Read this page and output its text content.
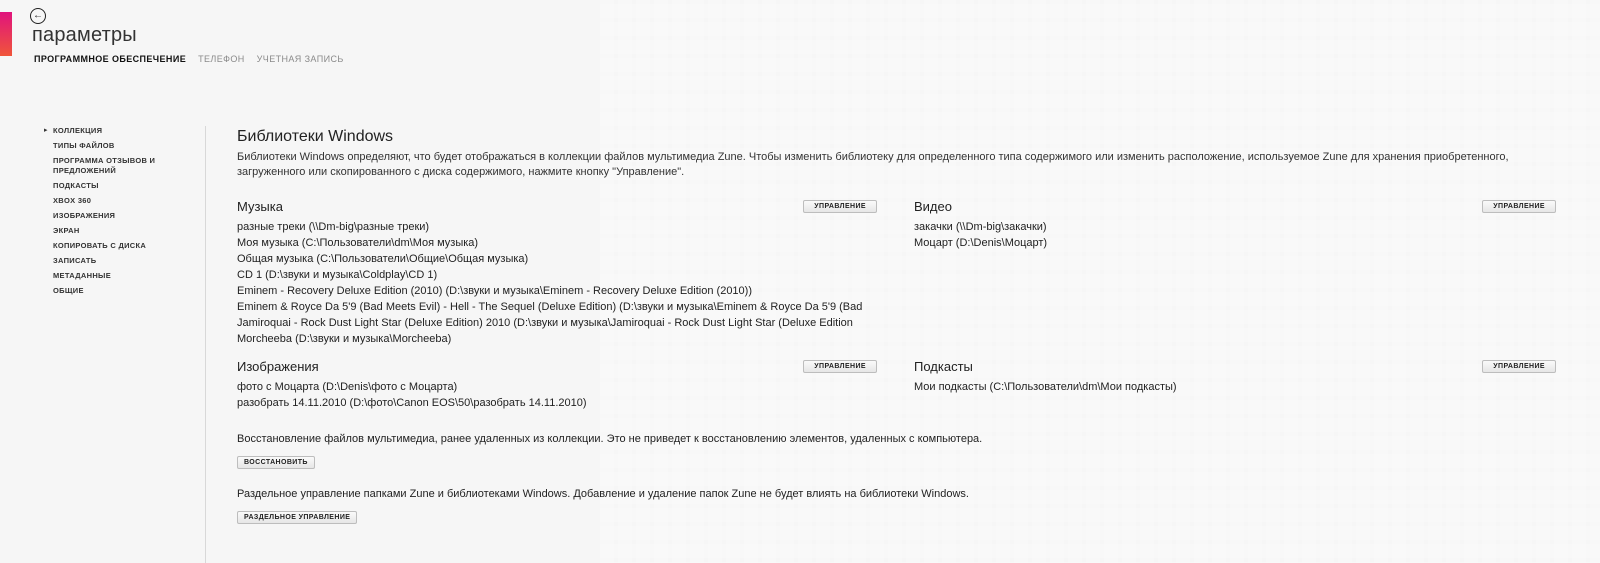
←
параметры
ПРОГРАММНОЕ ОБЕСПЕЧЕНИЕ ТЕЛЕФОН УЧЕТНАЯ ЗАПИСЬ
▸ КОЛЛЕКЦИЯ
ТИПЫ ФАЙЛОВ
ПРОГРАММА ОТЗЫВОВ И ПРЕДЛОЖЕНИЙ
ПОДКАСТЫ
XBOX 360
ИЗОБРАЖЕНИЯ
ЭКРАН
КОПИРОВАТЬ С ДИСКА
ЗАПИСАТЬ
МЕТАДАННЫЕ
ОБЩИЕ
Библиотеки Windows
Библиотеки Windows определяют, что будет отображаться в коллекции файлов мультимедиа Zune. Чтобы изменить библиотеку для определенного типа содержимого или изменить расположение, используемое Zune для хранения приобретенного, загруженного или скопированного с диска содержимого, нажмите кнопку "Управление".
Музыка	УПРАВЛЕНИЕ
разные треки (\\Dm-big\разные треки)
Моя музыка (C:\Пользователи\dm\Моя музыка)
Общая музыка (C:\Пользователи\Общие\Общая музыка)
CD 1 (D:\звуки и музыка\Coldplay\CD 1)
Eminem - Recovery Deluxe Edition (2010) (D:\звуки и музыка\Eminem - Recovery Deluxe Edition (2010))
Eminem & Royce Da 5'9 (Bad Meets Evil) - Hell - The Sequel (Deluxe Edition) (D:\звуки и музыка\Eminem & Royce Da 5'9 (Bad
Jamiroquai - Rock Dust Light Star (Deluxe Edition) 2010 (D:\звуки и музыка\Jamiroquai - Rock Dust Light Star (Deluxe Edition
Morcheeba (D:\звуки и музыка\Morcheeba)
Видео	УПРАВЛЕНИЕ
закачки (\\Dm-big\закачки)
Моцарт (D:\Denis\Моцарт)
Изображения	УПРАВЛЕНИЕ
фото с Моцарта (D:\Denis\фото с Моцарта)
разобрать 14.11.2010 (D:\фото\Canon EOS\50\разобрать 14.11.2010)
Подкасты	УПРАВЛЕНИЕ
Мои подкасты (C:\Пользователи\dm\Мои подкасты)
Восстановление файлов мультимедиа, ранее удаленных из коллекции. Это не приведет к восстановлению элементов, удаленных с компьютера.
ВОССТАНОВИТЬ
Раздельное управление папками Zune и библиотеками Windows. Добавление и удаление папок Zune не будет влиять на библиотеки Windows.
РАЗДЕЛЬНОЕ УПРАВЛЕНИЕ
